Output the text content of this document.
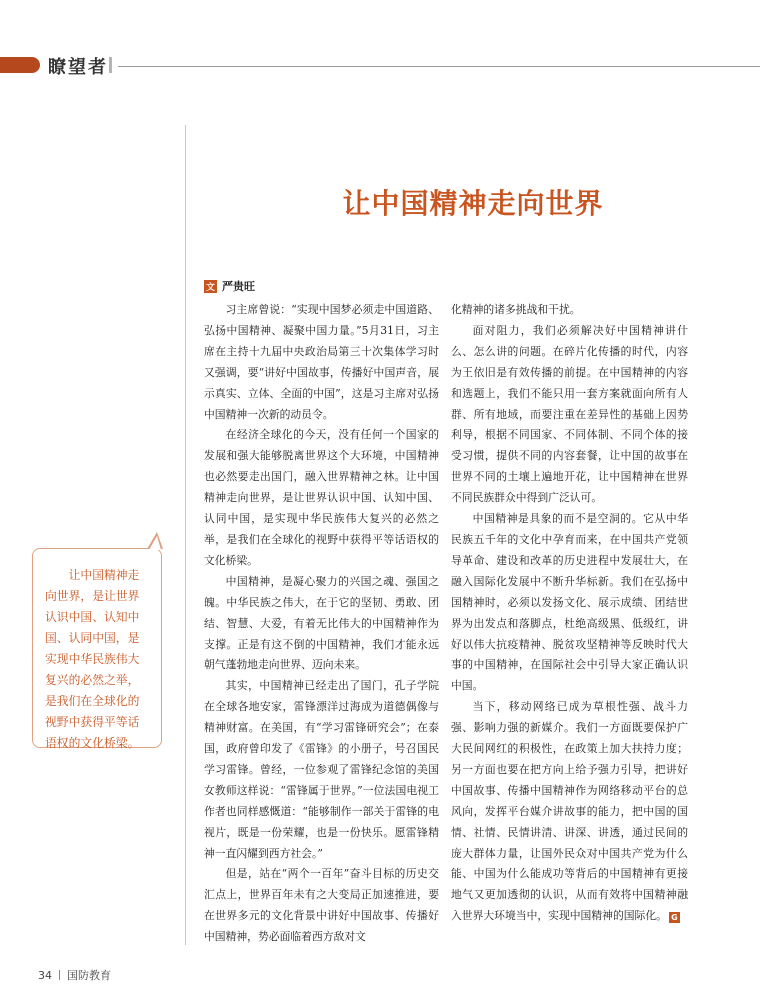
瞭望者
让中国精神走向世界
文 严贵旺

习主席曾说：“实现中国梦必须走中国道路、弘扬中国精神、凝聚中国力量。”5月31日，习主席在主持十九届中央政治局第三十次集体学习时又强调，要“讲好中国故事，传播好中国声音，展示真实、立体、全面的中国”，这是习主席对弘扬中国精神一次新的动员令。

在经济全球化的今天，没有任何一个国家的发展和强大能够脱离世界这个大环境，中国精神也必然要走出国门，融入世界精神之林。让中国精神走向世界，是让世界认识中国、认知中国、认同中国，是实现中华民族伟大复兴的必然之举，是我们在全球化的视野中获得平等话语权的文化桥梁。

中国精神，是凝心聚力的兴国之魂、强国之魄。中华民族之伟大，在于它的坚韧、勇敢、团结、智慧、大爱，有着无比伟大的中国精神作为支撑。正是有这不倒的中国精神，我们才能永远朝气蓬勃地走向世界、迈向未来。

其实，中国精神已经走出了国门，孔子学院在全球各地安家，雷锋漂洋过海成为道德偶像与精神财富。在美国，有“学习雷锋研究会”；在泰国，政府曾印发了《雷锋》的小册子，号召国民学习雷锋。曾经，一位参观了雷锋纪念馆的美国女教师这样说：“雷锋属于世界。”一位法国电视工作者也同样感慨道：“能够制作一部关于雷锋的电视片，既是一份荣耀，也是一份快乐。愿雷锋精神一直闪耀到西方社会。”

但是，站在“两个一百年”奋斗目标的历史交汇点上，世界百年未有之大变局正加速推进，要在世界多元的文化背景中讲好中国故事、传播好中国精神，势必面临着西方敌对文

化精神的诸多挑战和干扰。

面对阻力，我们必须解决好中国精神讲什么、怎么讲的问题。在碎片化传播的时代，内容为王依旧是有效传播的前提。在中国精神的内容和选题上，我们不能只用一套方案就面向所有人群、所有地域，而要注重在差异性的基础上因势利导，根据不同国家、不同体制、不同个体的接受习惯，提供不同的内容套餐，让中国的故事在世界不同的土壤上遍地开花，让中国精神在世界不同民族群众中得到广泛认可。

中国精神是具象的而不是空洞的。它从中华民族五千年的文化中孕育而来，在中国共产党领导革命、建设和改革的历史进程中发展壮大，在融入国际化发展中不断升华标新。我们在弘扬中国精神时，必须以发扬文化、展示成绩、团结世界为出发点和落脚点，杜绝高级黑、低级红，讲好以伟大抗疫精神、脱贫攻坚精神等反映时代大事的中国精神，在国际社会中引导大家正确认识中国。

当下，移动网络已成为草根性强、战斗力强、影响力强的新媒介。我们一方面既要保护广大民间网红的积极性，在政策上加大扶持力度；另一方面也要在把方向上给予强力引导，把讲好中国故事、传播中国精神作为网络移动平台的总风向，发挥平台媒介讲故事的能力，把中国的国情、社情、民情讲清、讲深、讲透，通过民间的庞大群体力量，让国外民众对中国共产党为什么能、中国为什么能成功等背后的中国精神有更接地气又更加透彻的认识，从而有效将中国精神融入世界大环境当中，实现中国精神的国际化。 G

让中国精神走向世界，是让世界认识中国、认知中国、认同中国，是实现中华民族伟大复兴的必然之举，是我们在全球化的视野中获得平等话语权的文化桥梁。
34 国防教育
